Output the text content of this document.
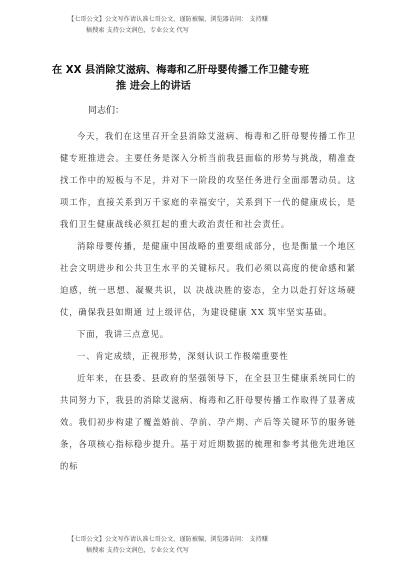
【七哥公文】公文写作请认准七哥公文、谨防被骗，浏览器访问： 支持赚
稿搜索 支持公文润色，专业公文 代写
在 XX 县消除艾滋病、梅毒和乙肝母婴传播工作卫健专班
推 进会上的讲话
同志们：

今天，我们在这里召开全县消除艾滋病、梅毒和乙肝母婴传播工作卫健专班推进会。主要任务是深入分析当前我县面临的形势与挑战，精准查找工作中的短板与不足，并对下一阶段的攻坚任务进行全面部署动员。这项工作，直接关系到万千家庭的幸福安宁，关系到下一代的健康成长，是我们卫生健康战线必须扛起的重大政治责任和社会责任。

消除母婴传播，是健康中国战略的重要组成部分，也是衡量一个地区社会文明进步和公共卫生水平的关键标尺。我们必须以高度的使命感和紧迫感，统一思想、凝聚共识，以 决战决胜的姿态，全力以赴打好这场硬仗，确保我县如期通 过上级评估，为建设健康 XX 筑牢坚实基础。

下面，我讲三点意见。

一、肯定成绩，正视形势，深刻认识工作极端重要性

近年来，在县委、县政府的坚强领导下，在全县卫生健康系统同仁的共同努力下，我县的消除艾滋病、梅毒和乙肝母婴传播工作取得了显著成效。我们初步构建了覆盖婚前、孕前、孕产期、产后等关键环节的服务链条，各项核心指标稳步提升。基于对近期数据的梳理和参考其他先进地区的标

【七哥公文】公文写作请认准七哥公文、谨防被骗，浏览器访问： 支持赚
稿搜索 支持公文润色，专业公文 代写
